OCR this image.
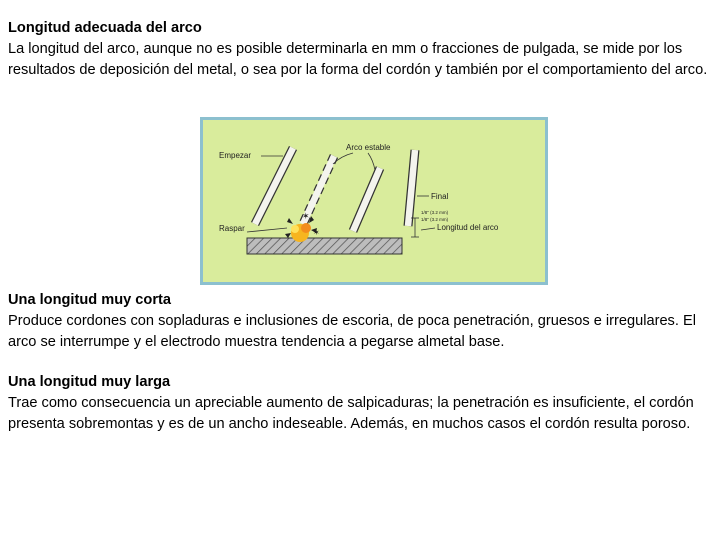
Longitud adecuada del arco
La longitud del arco, aunque no es posible determinarla en mm o fracciones de pulgada, se mide por los resultados de deposición del metal, o sea por la forma del cordón y también por el comportamiento del arco.
✶
✶
Empezar
Arco estable
Final
Raspar	Longitud del arco
1/8" (3.2 mm)
1/8" (3.2 mm)
Una longitud muy corta
Produce cordones con sopladuras e inclusiones de escoria, de poca penetración, gruesos e irregulares. El arco se interrumpe y el electrodo muestra tendencia a pegarse almetal base.
Una longitud muy larga
Trae como consecuencia un apreciable aumento de salpicaduras; la penetración es insuficiente, el cordón presenta sobremontas y es de un ancho indeseable. Además, en muchos casos el cordón resulta poroso.
